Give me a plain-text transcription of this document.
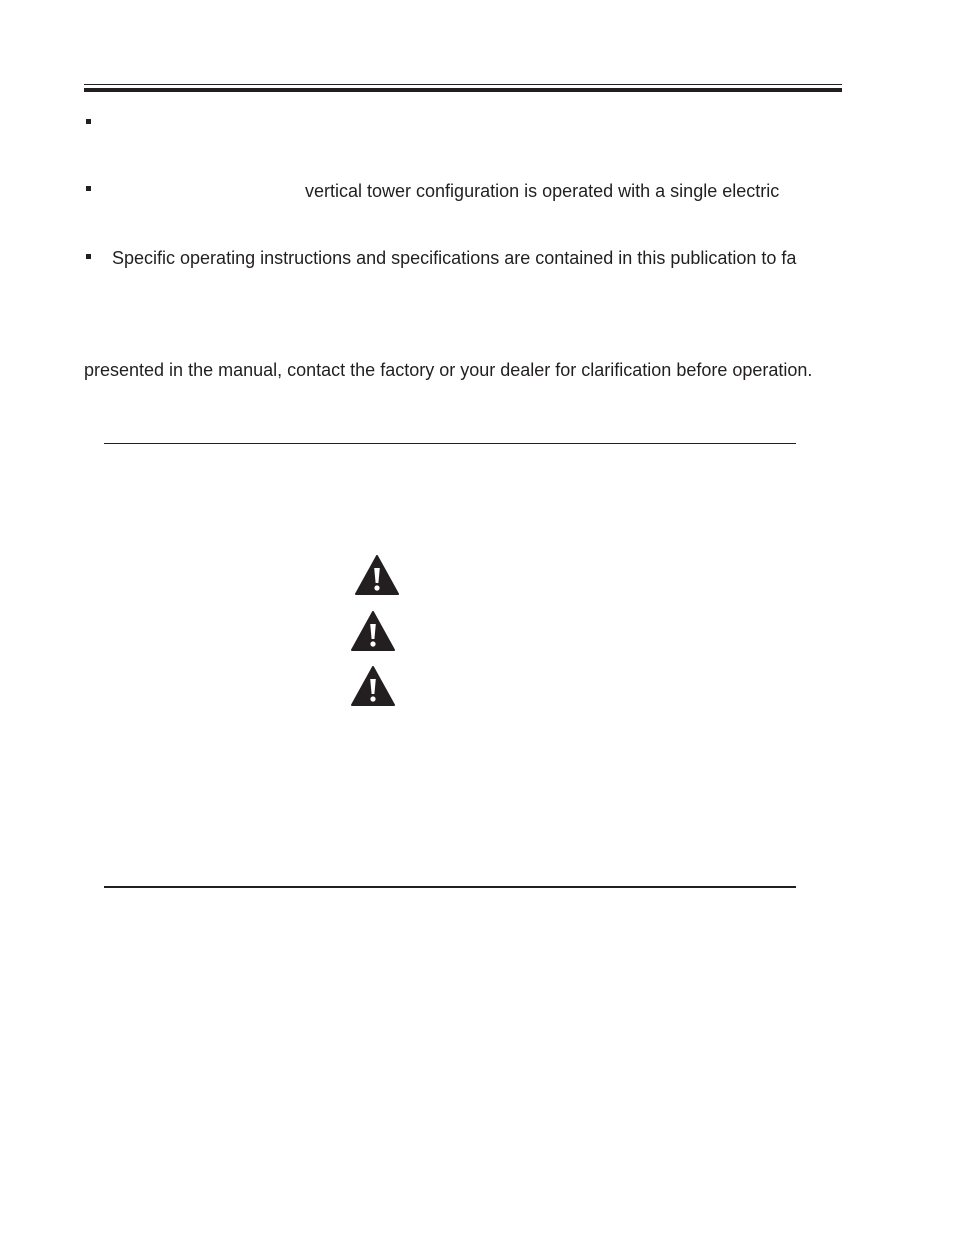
vertical tower configuration is operated with a single electric
Specific operating instructions and specifications are contained in this publication to fa
presented in the manual, contact the factory or your dealer for clarification before operation.
